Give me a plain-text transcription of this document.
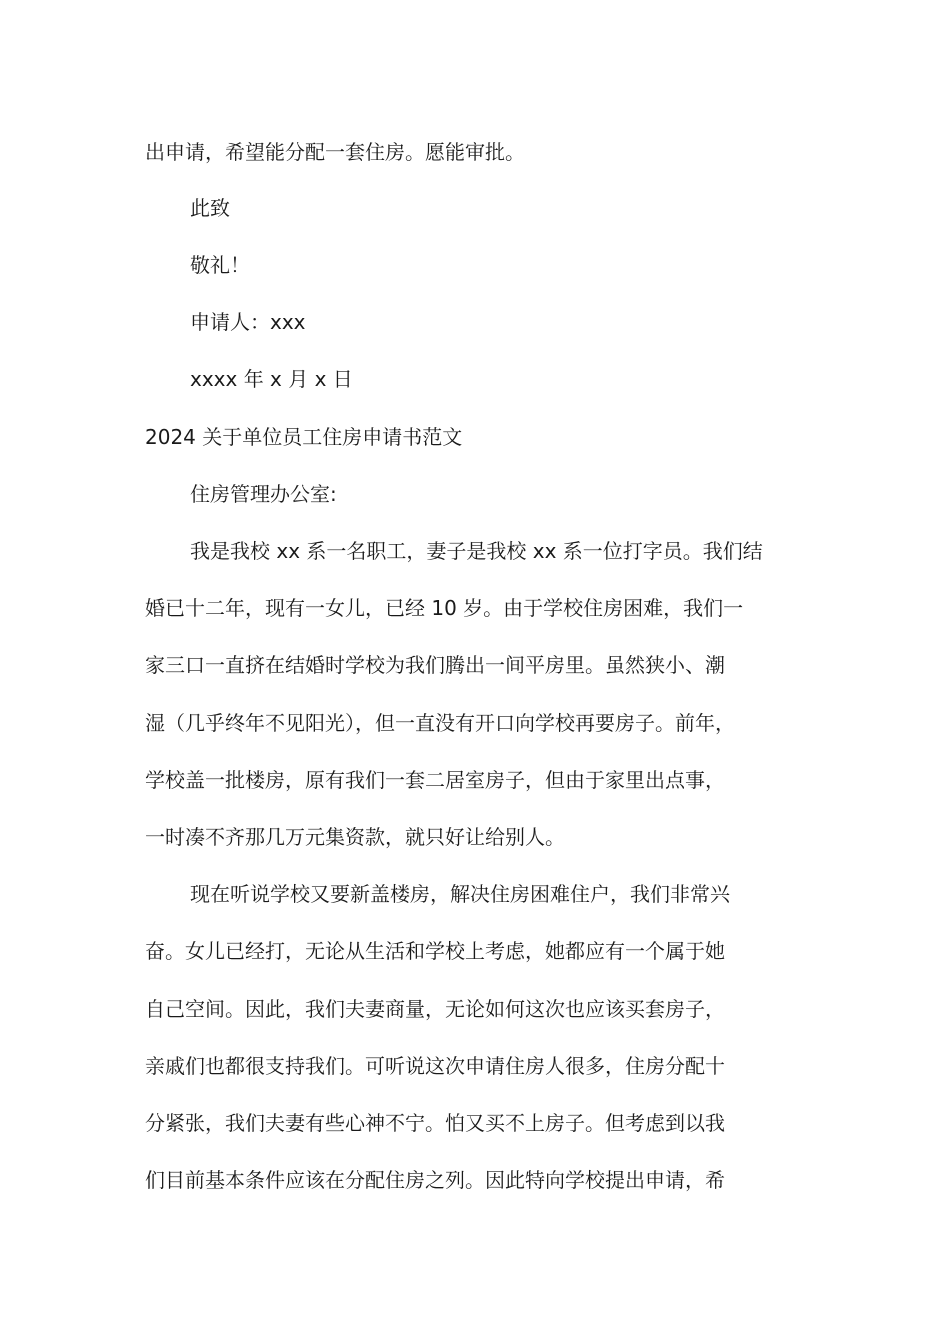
出申请，希望能分配一套住房。愿能审批。
此致
敬礼！
申请人：xxx
xxxx 年 x 月 x 日
2024 关于单位员工住房申请书范文
住房管理办公室:
我是我校 xx 系一名职工，妻子是我校 xx 系一位打字员。我们结
婚已十二年，现有一女儿，已经 10 岁。由于学校住房困难，我们一
家三口一直挤在结婚时学校为我们腾出一间平房里。虽然狭小、潮
湿（几乎终年不见阳光），但一直没有开口向学校再要房子。前年，
学校盖一批楼房，原有我们一套二居室房子，但由于家里出点事，
一时凑不齐那几万元集资款，就只好让给别人。
现在听说学校又要新盖楼房，解决住房困难住户，我们非常兴
奋。女儿已经打，无论从生活和学校上考虑，她都应有一个属于她
自己空间。因此，我们夫妻商量，无论如何这次也应该买套房子，
亲戚们也都很支持我们。可听说这次申请住房人很多，住房分配十
分紧张，我们夫妻有些心神不宁。怕又买不上房子。但考虑到以我
们目前基本条件应该在分配住房之列。因此特向学校提出申请，希
